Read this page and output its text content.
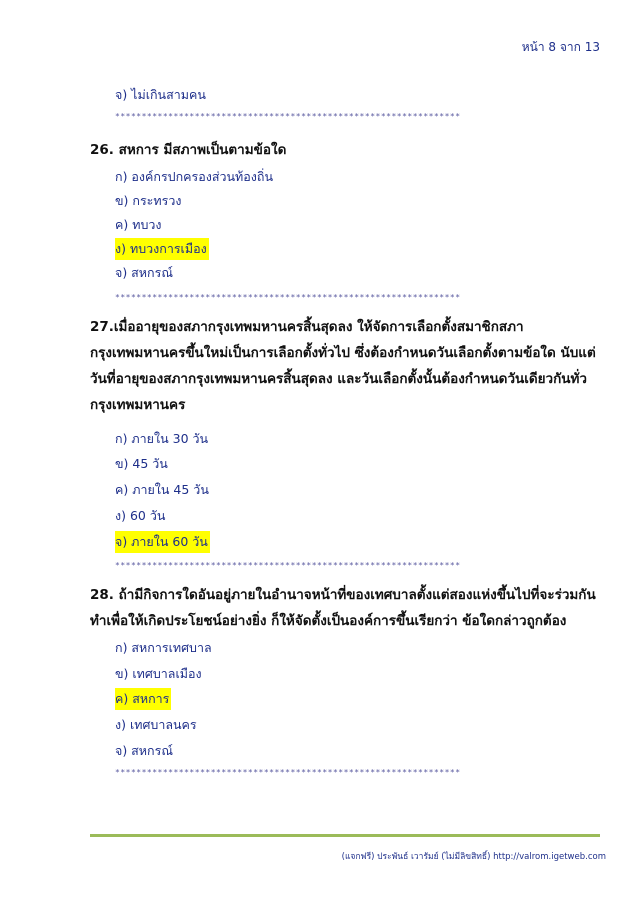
หน้า 8 จาก 13
จ) ไม่เกินสามคน
*****************************************************************
26. สหการ มีสภาพเป็นตามข้อใด
ก) องค์กรปกครองส่วนท้องถิ่น
ข) กระทรวง
ค) ทบวง
ง) ทบวงการเมือง
จ) สหกรณ์
*****************************************************************
27.เมื่ออายุของสภากรุงเทพมหานครสิ้นสุดลง ให้จัดการเลือกตั้งสมาชิกสภา
กรุงเทพมหานครขึ้นใหม่เป็นการเลือกตั้งทั่วไป ซึ่งต้องกำหนดวันเลือกตั้งตามข้อใด นับแต่
วันที่อายุของสภากรุงเทพมหานครสิ้นสุดลง และวันเลือกตั้งนั้นต้องกำหนดวันเดียวกันทั่ว
กรุงเทพมหานคร
ก) ภายใน 30 วัน
ข) 45 วัน
ค) ภายใน 45 วัน
ง) 60 วัน
จ) ภายใน 60 วัน
*****************************************************************
28. ถ้ามีกิจการใดอันอยู่ภายในอำนาจหน้าที่ของเทศบาลตั้งแต่สองแห่งขึ้นไปที่จะร่วมกัน
ทำเพื่อให้เกิดประโยชน์อย่างยิ่ง ก็ให้จัดตั้งเป็นองค์การขึ้นเรียกว่า ข้อใดกล่าวถูกต้อง
ก) สหการเทศบาล
ข) เทศบาลเมือง
ค) สหการ
ง) เทศบาลนคร
จ) สหกรณ์
*****************************************************************
(แจกฟรี) ประพันธ์ เวารัมย์ (ไม่มีลิขสิทธิ์) http://valrom.igetweb.com
